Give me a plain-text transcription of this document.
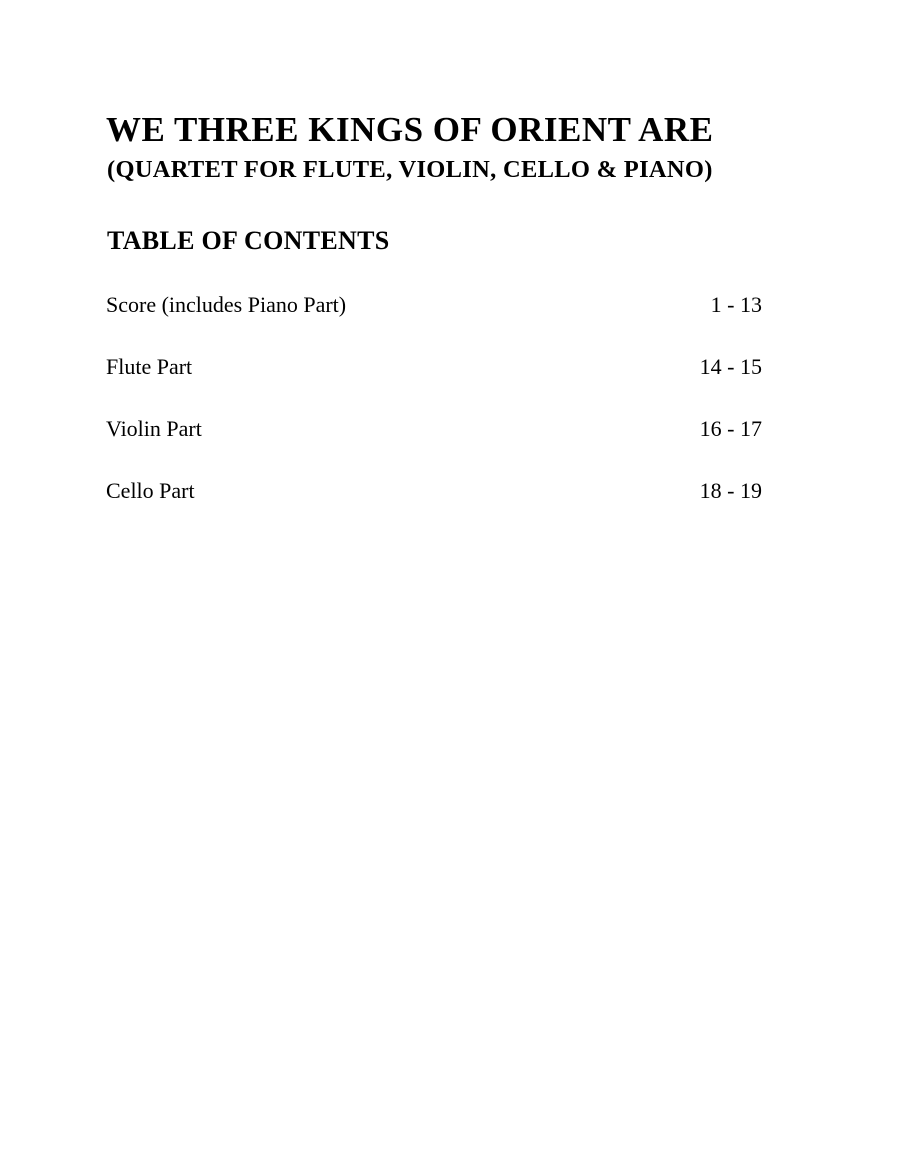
WE THREE KINGS OF ORIENT ARE
(QUARTET FOR FLUTE, VIOLIN, CELLO & PIANO)
TABLE OF CONTENTS
Score (includes Piano Part)	1 - 13
Flute Part	14 - 15
Violin Part	16 - 17
Cello Part	18 - 19
